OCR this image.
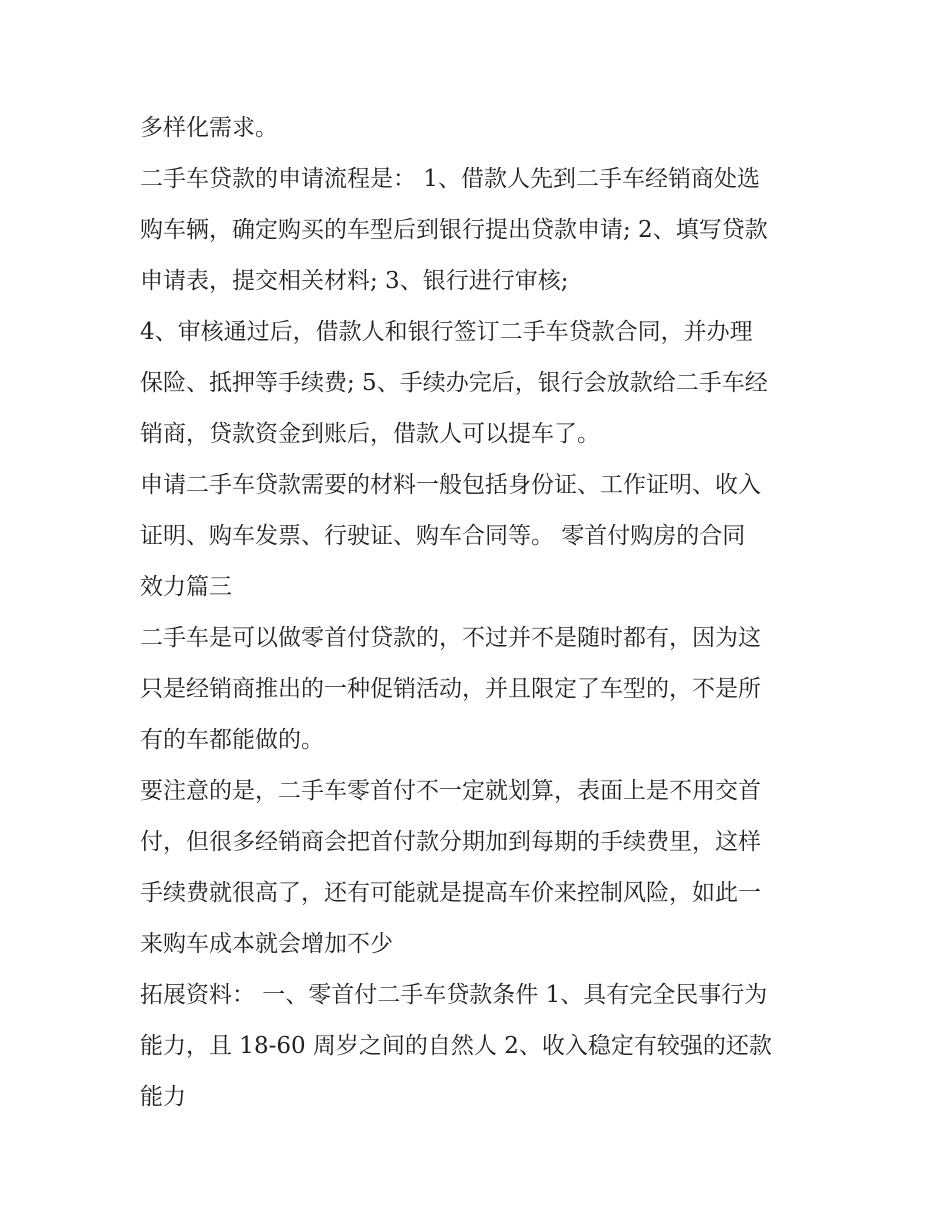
多样化需求。
二手车贷款的申请流程是： 1、借款人先到二手车经销商处选
购车辆，确定购买的车型后到银行提出贷款申请; 2、填写贷款
申请表，提交相关材料; 3、银行进行审核;
4、审核通过后，借款人和银行签订二手车贷款合同，并办理
保险、抵押等手续费; 5、手续办完后，银行会放款给二手车经
销商，贷款资金到账后，借款人可以提车了。
申请二手车贷款需要的材料一般包括身份证、工作证明、收入
证明、购车发票、行驶证、购车合同等。 零首付购房的合同
效力篇三
二手车是可以做零首付贷款的，不过并不是随时都有，因为这
只是经销商推出的一种促销活动，并且限定了车型的，不是所
有的车都能做的。
要注意的是，二手车零首付不一定就划算，表面上是不用交首
付，但很多经销商会把首付款分期加到每期的手续费里，这样
手续费就很高了，还有可能就是提高车价来控制风险，如此一
来购车成本就会增加不少
拓展资料： 一、零首付二手车贷款条件 1、具有完全民事行为
能力，且 18-60 周岁之间的自然人 2、收入稳定有较强的还款
能力
